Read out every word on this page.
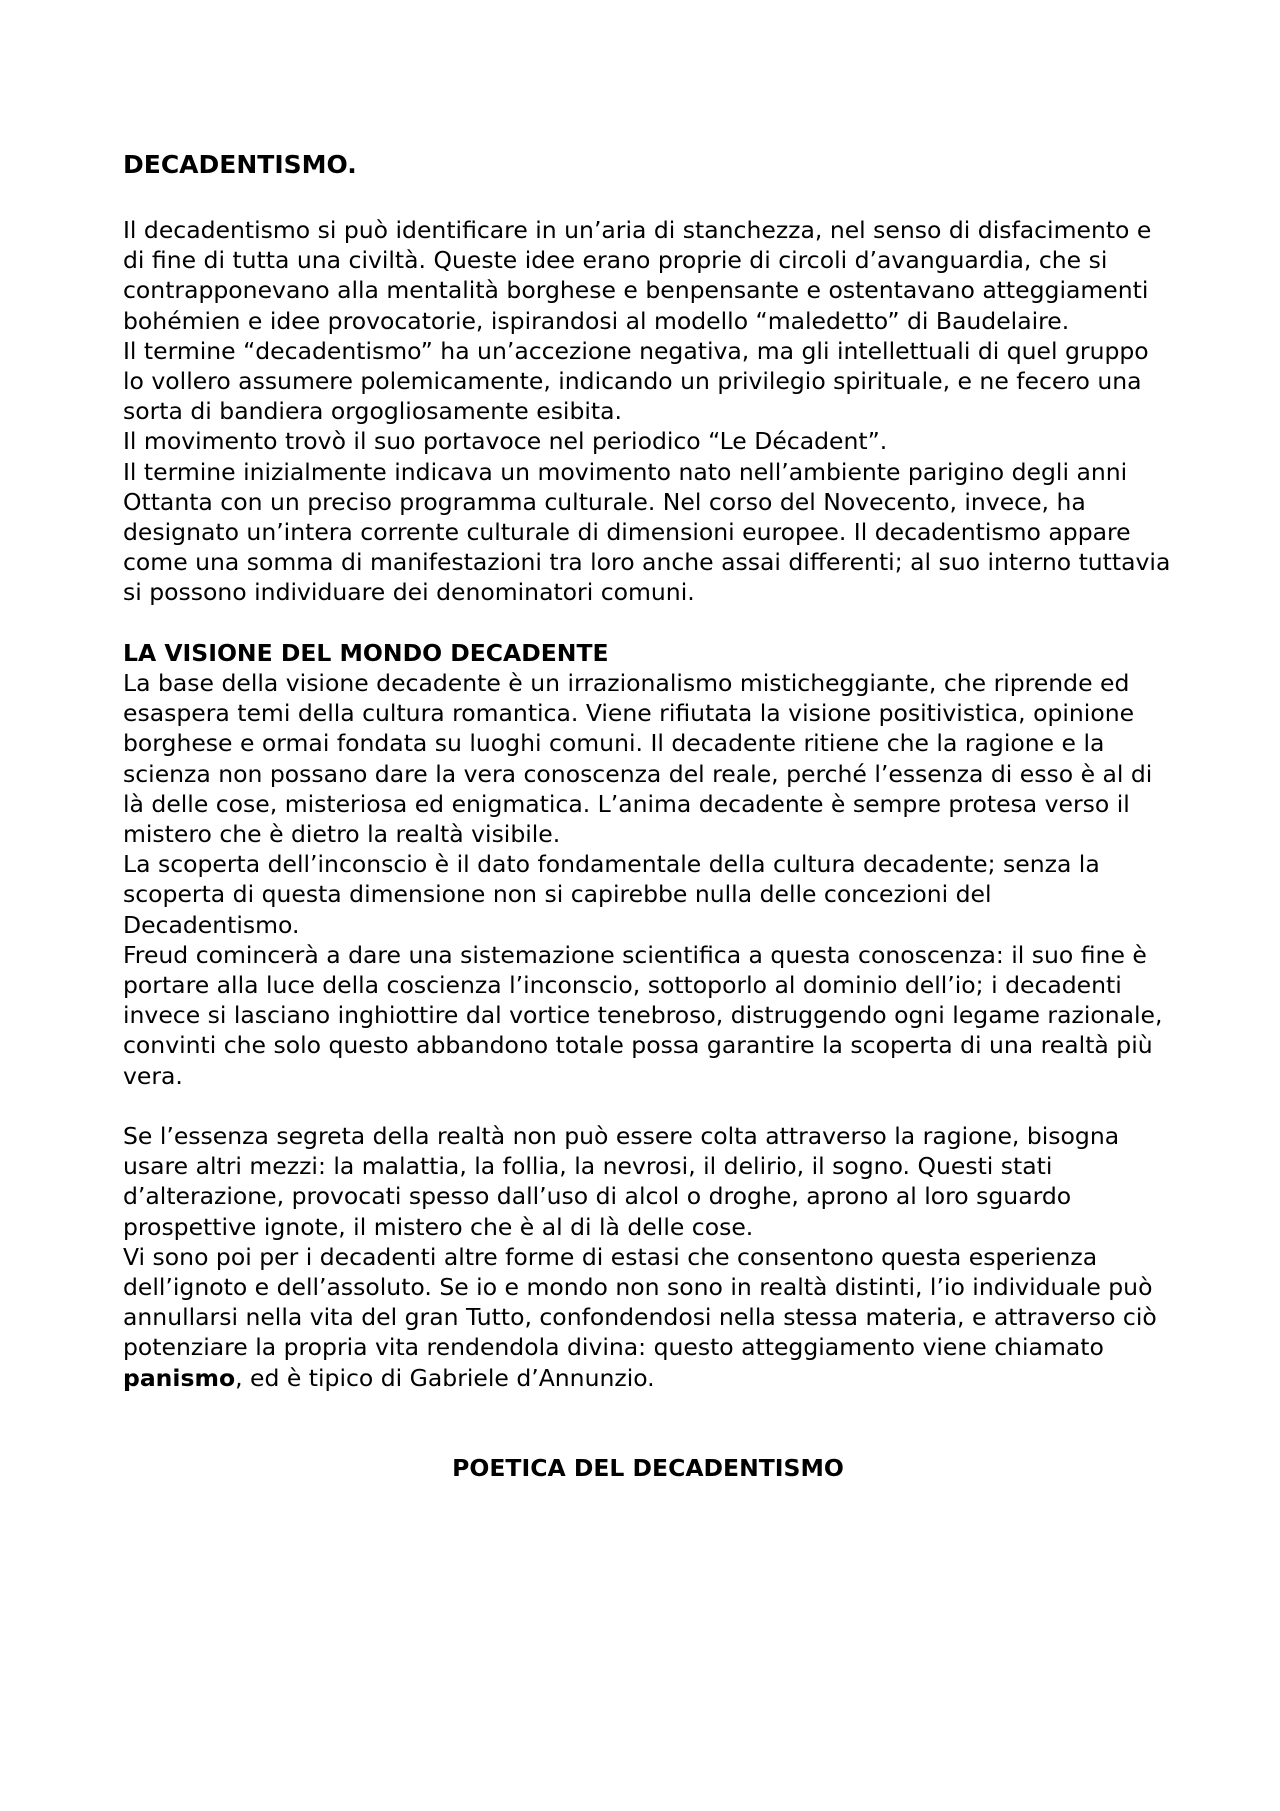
DECADENTISMO.

Il decadentismo si può identificare in un’aria di stanchezza, nel senso di disfacimento e di fine di tutta una civiltà. Queste idee erano proprie di circoli d’avanguardia, che si contrapponevano alla mentalità borghese e benpensante e ostentavano atteggiamenti bohémien e idee provocatorie, ispirandosi al modello “maledetto” di Baudelaire.

Il termine “decadentismo” ha un’accezione negativa, ma gli intellettuali di quel gruppo lo vollero assumere polemicamente, indicando un privilegio spirituale, e ne fecero una sorta di bandiera orgogliosamente esibita.

Il movimento trovò il suo portavoce nel periodico “Le Décadent”.

Il termine inizialmente indicava un movimento nato nell’ambiente parigino degli anni Ottanta con un preciso programma culturale. Nel corso del Novecento, invece, ha designato un’intera corrente culturale di dimensioni europee. Il decadentismo appare come una somma di manifestazioni tra loro anche assai differenti; al suo interno tuttavia si possono individuare dei denominatori comuni.

LA VISIONE DEL MONDO DECADENTE

La base della visione decadente è un irrazionalismo misticheggiante, che riprende ed esaspera temi della cultura romantica. Viene rifiutata la visione positivistica, opinione borghese e ormai fondata su luoghi comuni. Il decadente ritiene che la ragione e la scienza non possano dare la vera conoscenza del reale, perché l’essenza di esso è al di là delle cose, misteriosa ed enigmatica. L’anima decadente è sempre protesa verso il mistero che è dietro la realtà visibile.

La scoperta dell’inconscio è il dato fondamentale della cultura decadente; senza la scoperta di questa dimensione non si capirebbe nulla delle concezioni del Decadentismo.

Freud comincerà a dare una sistemazione scientifica a questa conoscenza: il suo fine è portare alla luce della coscienza l’inconscio, sottoporlo al dominio dell’io; i decadenti invece si lasciano inghiottire dal vortice tenebroso, distruggendo ogni legame razionale, convinti che solo questo abbandono totale possa garantire la scoperta di una realtà più vera.

Se l’essenza segreta della realtà non può essere colta attraverso la ragione, bisogna usare altri mezzi: la malattia, la follia, la nevrosi, il delirio, il sogno. Questi stati d’alterazione, provocati spesso dall’uso di alcol o droghe, aprono al loro sguardo prospettive ignote, il mistero che è al di là delle cose.

Vi sono poi per i decadenti altre forme di estasi che consentono questa esperienza dell’ignoto e dell’assoluto. Se io e mondo non sono in realtà distinti, l’io individuale può annullarsi nella vita del gran Tutto, confondendosi nella stessa materia, e attraverso ciò potenziare la propria vita rendendola divina: questo atteggiamento viene chiamato panismo, ed è tipico di Gabriele d’Annunzio.

POETICA DEL DECADENTISMO
